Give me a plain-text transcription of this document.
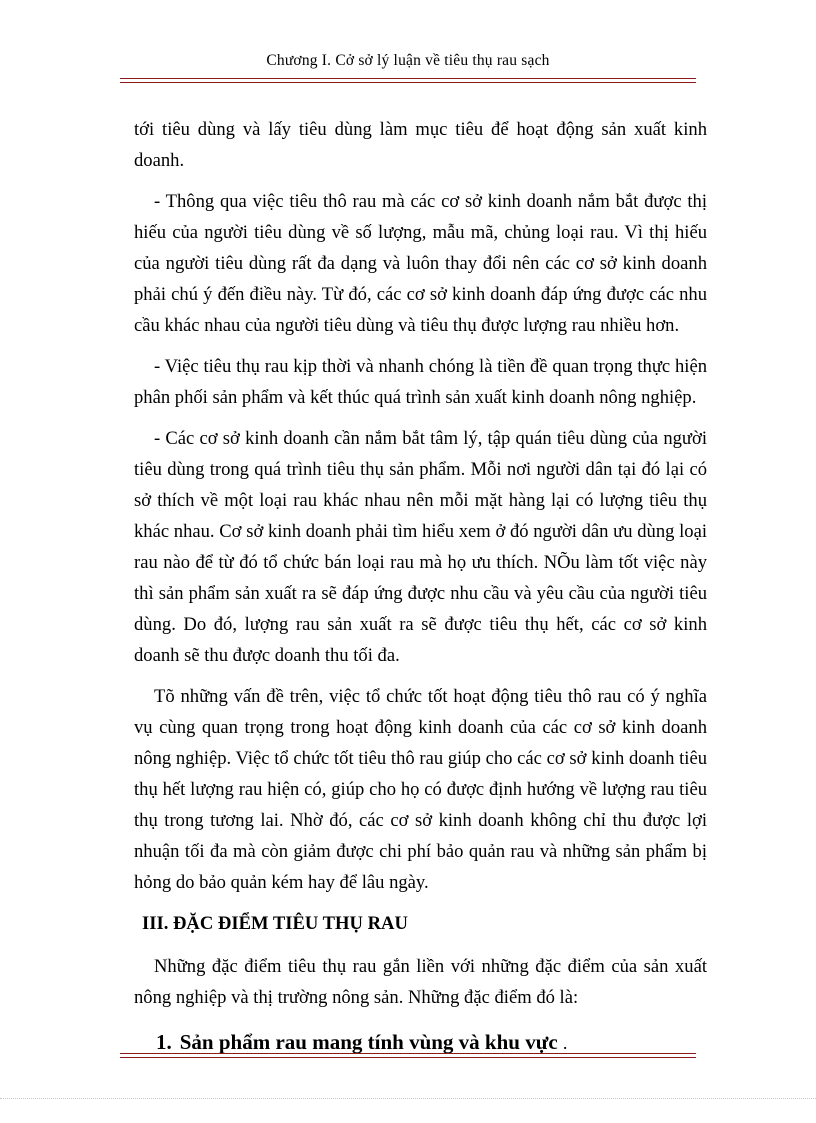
Chương I. Cở sở lý luận về tiêu thụ rau sạch

tới tiêu dùng và lấy tiêu dùng làm mục tiêu để hoạt động sản xuất kinh doanh.

- Thông qua việc tiêu thô rau mà các cơ sở kinh doanh nắm bắt được thị hiếu của người tiêu dùng về số lượng, mẫu mã, chủng loại rau. Vì thị hiếu của người tiêu dùng rất đa dạng và luôn thay đổi nên các cơ sở kinh doanh phải chú ý đến điều này. Từ đó, các cơ sở kinh doanh đáp ứng được các nhu cầu khác nhau của người tiêu dùng và tiêu thụ được lượng rau nhiều hơn.

- Việc tiêu thụ rau kịp thời và nhanh chóng là tiền đề quan trọng thực hiện phân phối sản phẩm và kết thúc quá trình sản xuất kinh doanh nông nghiệp.

- Các cơ sở kinh doanh cần nắm bắt tâm lý, tập quán tiêu dùng của người tiêu dùng trong quá trình tiêu thụ sản phẩm. Mỗi nơi người dân tại đó lại có sở thích về một loại rau khác nhau nên mỗi mặt hàng lại có lượng tiêu thụ khác nhau. Cơ sở kinh doanh phải tìm hiểu xem ở đó người dân ưu dùng loại rau nào để từ đó tổ chức bán loại rau mà họ ưu thích. NÕu làm tốt việc này thì sản phẩm sản xuất ra sẽ đáp ứng được nhu cầu và yêu cầu của người tiêu dùng. Do đó, lượng rau sản xuất ra sẽ được tiêu thụ hết, các cơ sở kinh doanh sẽ thu được doanh thu tối đa.

Tõ những vấn đề trên, việc tổ chức tốt hoạt động tiêu thô rau có ý nghĩa vụ cùng quan trọng trong hoạt động kinh doanh của các cơ sở kinh doanh nông nghiệp. Việc tổ chức tốt tiêu thô rau giúp cho các cơ sở kinh doanh tiêu thụ hết lượng rau hiện có, giúp cho họ có được định hướng về lượng rau tiêu thụ trong tương lai. Nhờ đó, các cơ sở kinh doanh không chỉ thu được lợi nhuận tối đa mà còn giảm được chi phí bảo quản rau và những sản phẩm bị hỏng do bảo quản kém hay để lâu ngày.

III. ĐẶC ĐIỂM TIÊU THỤ RAU

Những đặc điểm tiêu thụ rau gắn liền với những đặc điểm của sản xuất nông nghiệp và thị trường nông sản. Những đặc điểm đó là:

1. Sản phẩm rau mang tính vùng và khu vực .
